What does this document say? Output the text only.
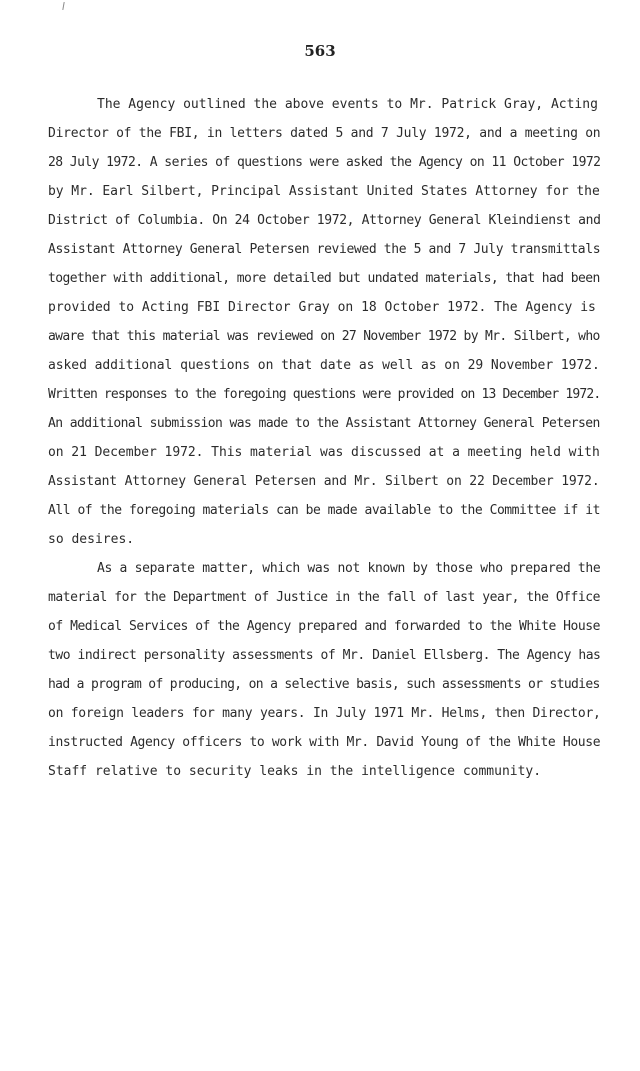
563
The Agency outlined the above events to Mr. Patrick Gray, Acting
Director of the FBI, in letters dated 5 and 7 July 1972, and a meeting on
28 July 1972. A series of questions were asked the Agency on 11 October 1972
by Mr. Earl Silbert, Principal Assistant United States Attorney for the
District of Columbia. On 24 October 1972, Attorney General Kleindienst and
Assistant Attorney General Petersen reviewed the 5 and 7 July transmittals
together with additional, more detailed but undated materials, that had been
provided to Acting FBI Director Gray on 18 October 1972. The Agency is
aware that this material was reviewed on 27 November 1972 by Mr. Silbert, who
asked additional questions on that date as well as on 29 November 1972.
Written responses to the foregoing questions were provided on 13 December 1972.
An additional submission was made to the Assistant Attorney General Petersen
on 21 December 1972. This material was discussed at a meeting held with
Assistant Attorney General Petersen and Mr. Silbert on 22 December 1972.
All of the foregoing materials can be made available to the Committee if it
so desires.
As a separate matter, which was not known by those who prepared the
material for the Department of Justice in the fall of last year, the Office
of Medical Services of the Agency prepared and forwarded to the White House
two indirect personality assessments of Mr. Daniel Ellsberg. The Agency has
had a program of producing, on a selective basis, such assessments or studies
on foreign leaders for many years. In July 1971 Mr. Helms, then Director,
instructed Agency officers to work with Mr. David Young of the White House
Staff relative to security leaks in the intelligence community.
